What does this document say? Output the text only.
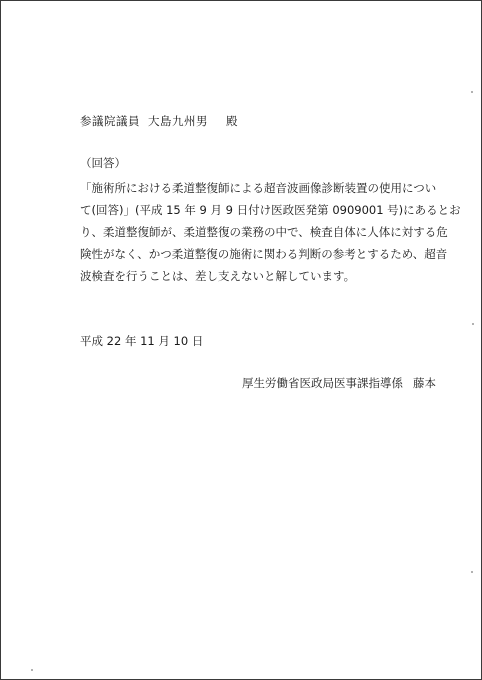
参議院議員 大島九州男 殿
（回答）
「施術所における柔道整復師による超音波画像診断装置の使用につい
て(回答)」(平成 15 年 9 月 9 日付け医政医発第 0909001 号)にあるとお
り、柔道整復師が、柔道整復の業務の中で、検査自体に人体に対する危
険性がなく、かつ柔道整復の施術に関わる判断の参考とするため、超音
波検査を行うことは、差し支えないと解しています。
平成 22 年 11 月 10 日
厚生労働省医政局医事課指導係 藤本
